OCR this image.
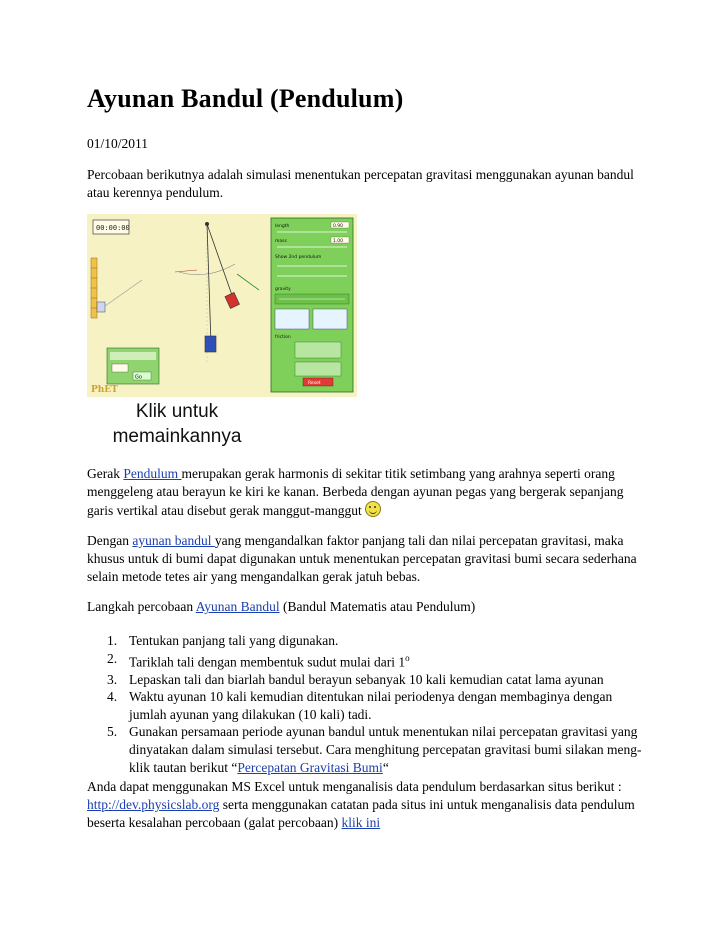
Ayunan Bandul (Pendulum)
01/10/2011

Percobaan berikutnya adalah simulasi menentukan percepatan gravitasi menggunakan ayunan bandul atau kerennya pendulum.

00:00:00
Go
PhET
length	0.90
mass	1.00
Show 2nd pendulum
gravity
friction
Reset
Klik untuk
memainkannya

Gerak Pendulum merupakan gerak harmonis di sekitar titik setimbang yang arahnya seperti orang menggeleng atau berayun ke kiri ke kanan. Berbeda dengan ayunan pegas yang bergerak sepanjang garis vertikal atau disebut gerak manggut-manggut

Dengan ayunan bandul yang mengandalkan faktor panjang tali dan nilai percepatan gravitasi, maka khusus untuk di bumi dapat digunakan untuk menentukan percepatan gravitasi bumi secara sederhana selain metode tetes air yang mengandalkan gerak jatuh bebas.

Langkah percobaan Ayunan Bandul (Bandul Matematis atau Pendulum)

1. Tentukan panjang tali yang digunakan.
2. Tariklah tali dengan membentuk sudut mulai dari 1$^o$
3. Lepaskan tali dan biarlah bandul berayun sebanyak 10 kali kemudian catat lama ayunan
4. Waktu ayunan 10 kali kemudian ditentukan nilai periodenya dengan membaginya dengan jumlah ayunan yang dilakukan (10 kali) tadi.
5. Gunakan persamaan periode ayunan bandul untuk menentukan nilai percepatan gravitasi yang dinyatakan dalam simulasi tersebut. Cara menghitung percepatan gravitasi bumi silakan meng-klik tautan berikut “Percepatan Gravitasi Bumi“

Anda dapat menggunakan MS Excel untuk menganalisis data pendulum berdasarkan situs berikut : http://dev.physicslab.org serta menggunakan catatan pada situs ini untuk menganalisis data pendulum beserta kesalahan percobaan (galat percobaan) klik ini
